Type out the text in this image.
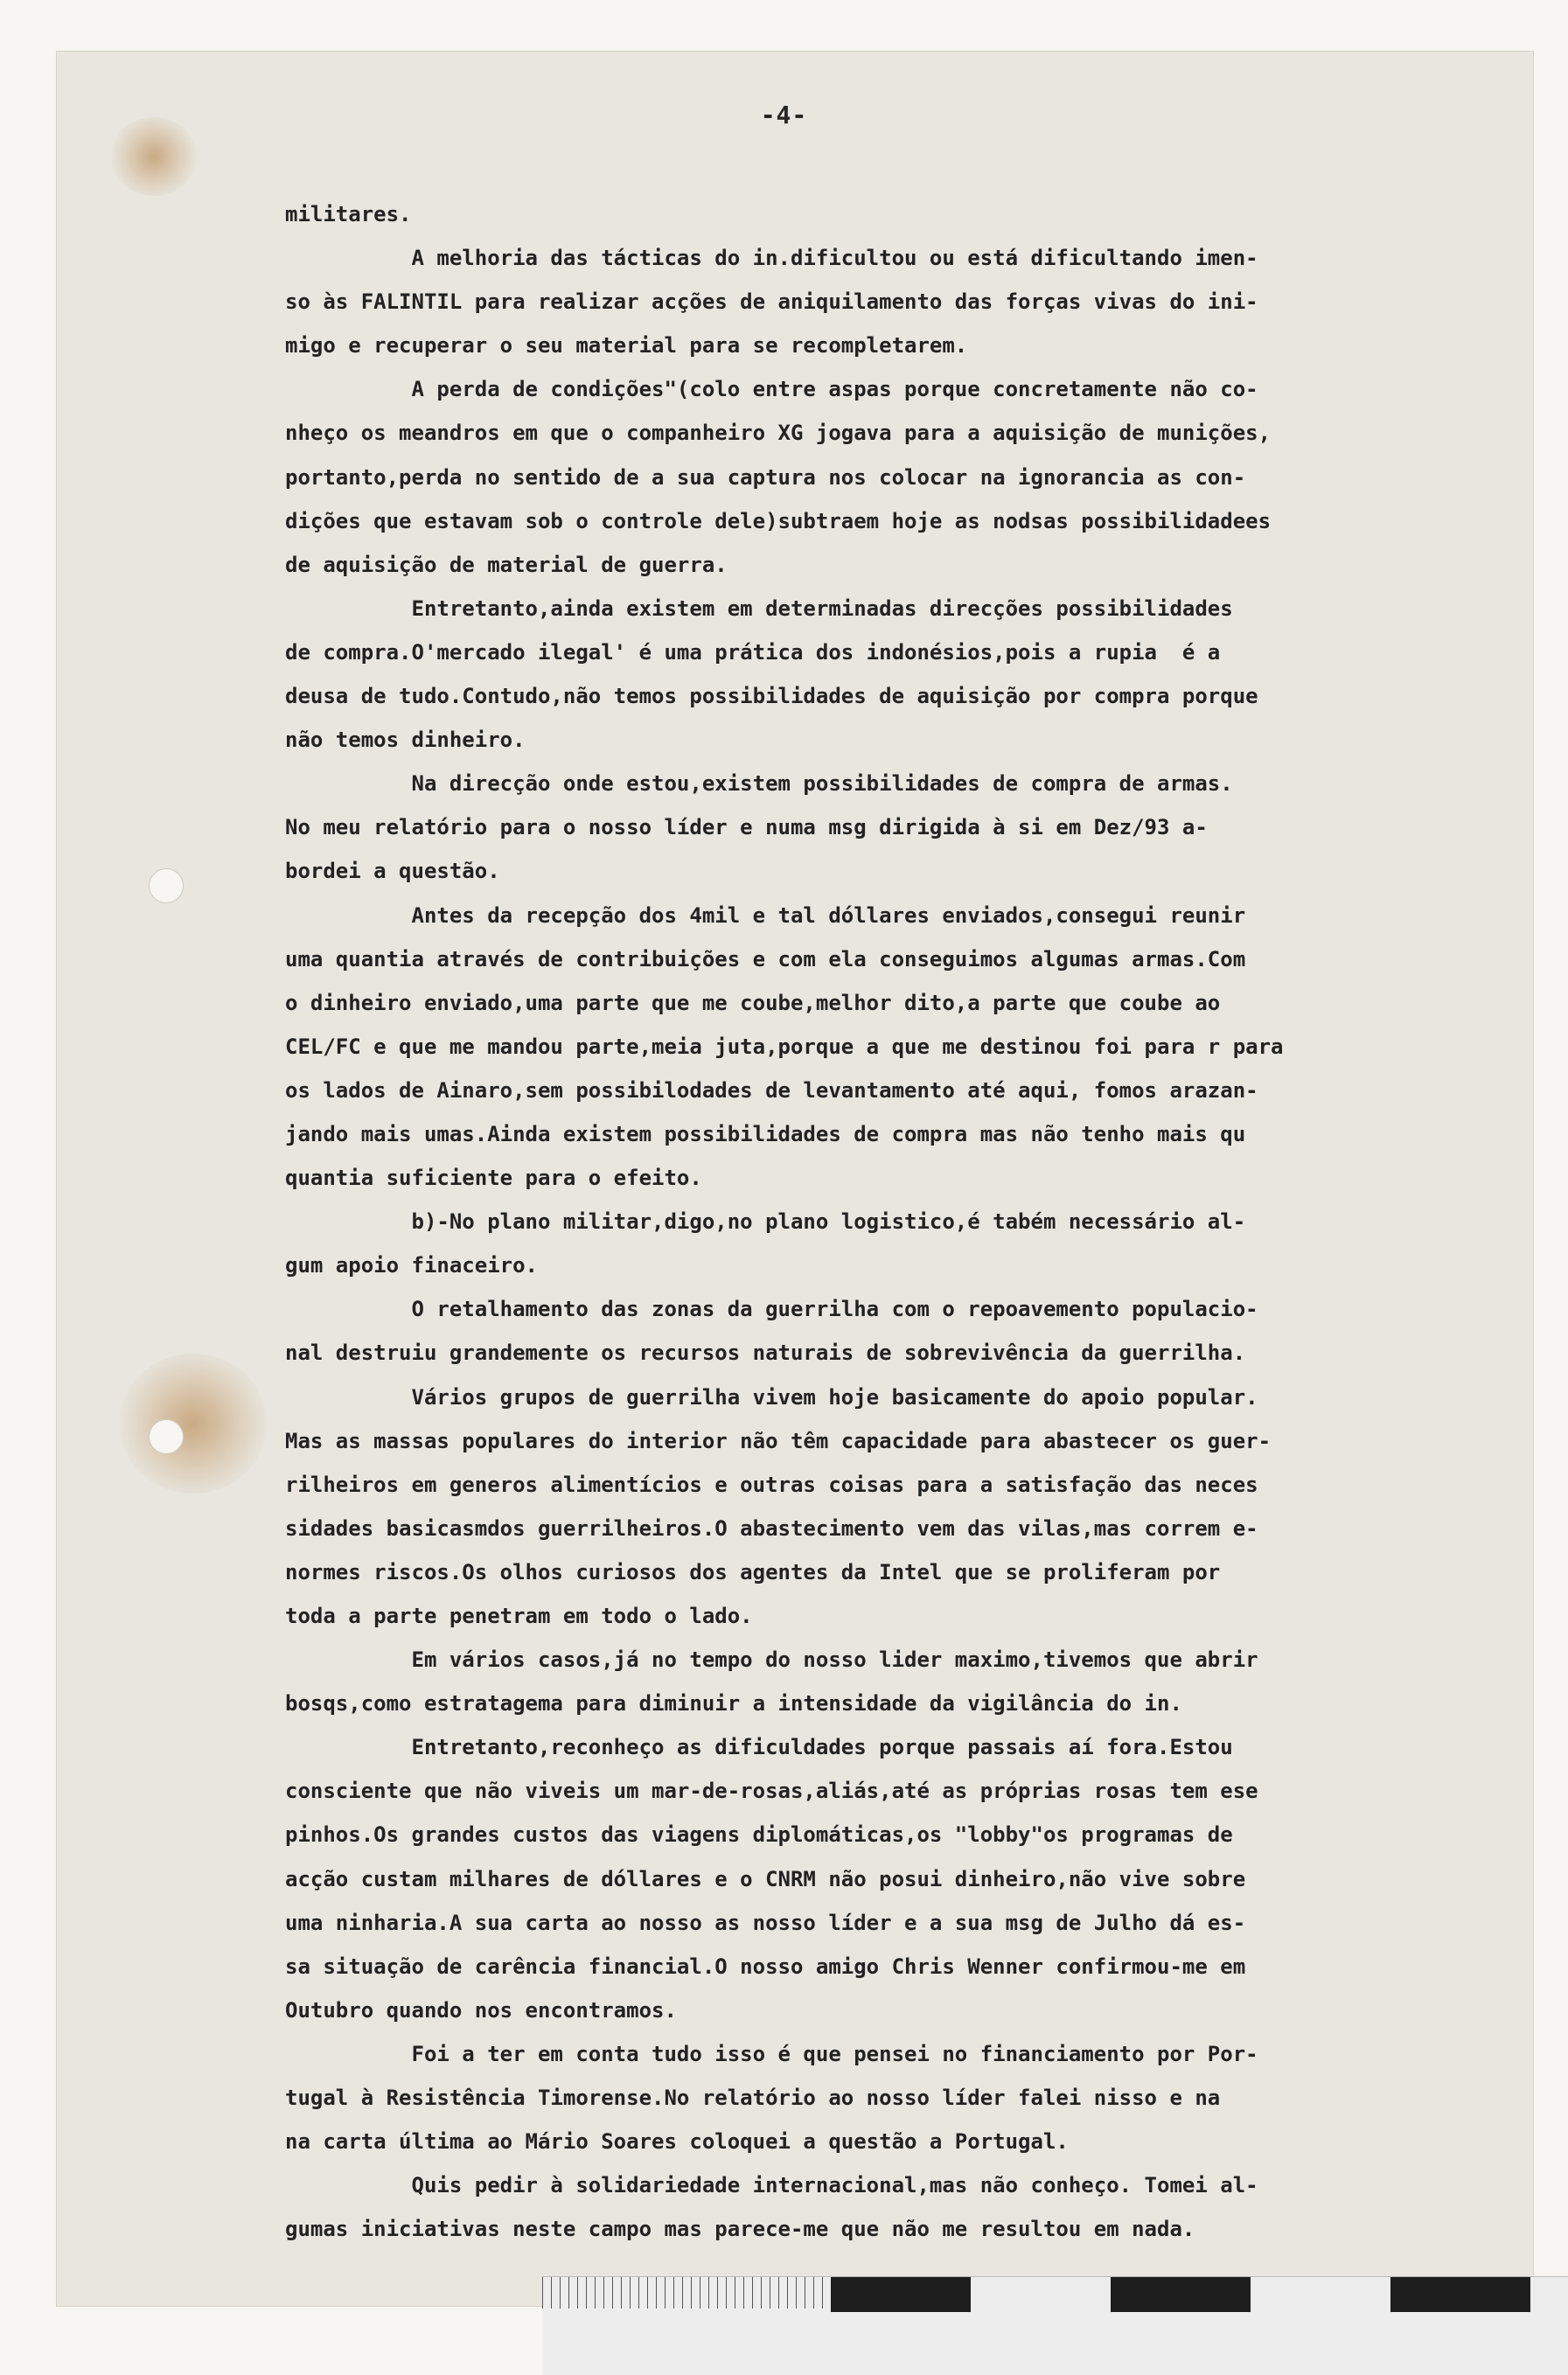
-4-
militares.
A melhoria das tácticas do in.dificultou ou está dificultando imen-
so às FALINTIL para realizar acções de aniquilamento das forças vivas do ini-
migo e recuperar o seu material para se recompletarem.
A perda de condições"(colo entre aspas porque concretamente não co-
nheço os meandros em que o companheiro XG jogava para a aquisição de munições,
portanto,perda no sentido de a sua captura nos colocar na ignorancia as con-
dições que estavam sob o controle dele)subtraem hoje as nodsas possibilidadees
de aquisição de material de guerra.
Entretanto,ainda existem em determinadas direcções possibilidades
de compra.O'mercado ilegal' é uma prática dos indonésios,pois a rupia  é a
deusa de tudo.Contudo,não temos possibilidades de aquisição por compra porque
não temos dinheiro.
Na direcção onde estou,existem possibilidades de compra de armas.
No meu relatório para o nosso líder e numa msg dirigida à si em Dez/93 a-
bordei a questão.
Antes da recepção dos 4mil e tal dóllares enviados,consegui reunir
uma quantia através de contribuições e com ela conseguimos algumas armas.Com
o dinheiro enviado,uma parte que me coube,melhor dito,a parte que coube ao
CEL/FC e que me mandou parte,meia juta,porque a que me destinou foi para r para
os lados de Ainaro,sem possibilodades de levantamento até aqui, fomos arazan-
jando mais umas.Ainda existem possibilidades de compra mas não tenho mais qu
quantia suficiente para o efeito.
b)-No plano militar,digo,no plano logistico,é tabém necessário al-
gum apoio finaceiro.
O retalhamento das zonas da guerrilha com o repoavemento populacio-
nal destruiu grandemente os recursos naturais de sobrevivência da guerrilha.
Vários grupos de guerrilha vivem hoje basicamente do apoio popular.
Mas as massas populares do interior não têm capacidade para abastecer os guer-
rilheiros em generos alimentícios e outras coisas para a satisfação das neces
sidades basicasmdos guerrilheiros.O abastecimento vem das vilas,mas correm e-
normes riscos.Os olhos curiosos dos agentes da Intel que se proliferam por
toda a parte penetram em todo o lado.
Em vários casos,já no tempo do nosso lider maximo,tivemos que abrir
bosqs,como estratagema para diminuir a intensidade da vigilância do in.
Entretanto,reconheço as dificuldades porque passais aí fora.Estou
consciente que não viveis um mar-de-rosas,aliás,até as próprias rosas tem ese
pinhos.Os grandes custos das viagens diplomáticas,os "lobby"os programas de
acção custam milhares de dóllares e o CNRM não posui dinheiro,não vive sobre
uma ninharia.A sua carta ao nosso as nosso líder e a sua msg de Julho dá es-
sa situação de carência financial.O nosso amigo Chris Wenner confirmou-me em
Outubro quando nos encontramos.
Foi a ter em conta tudo isso é que pensei no financiamento por Por-
tugal à Resistência Timorense.No relatório ao nosso líder falei nisso e na
na carta última ao Mário Soares coloquei a questão a Portugal.
Quis pedir à solidariedade internacional,mas não conheço. Tomei al-
gumas iniciativas neste campo mas parece-me que não me resultou em nada.
